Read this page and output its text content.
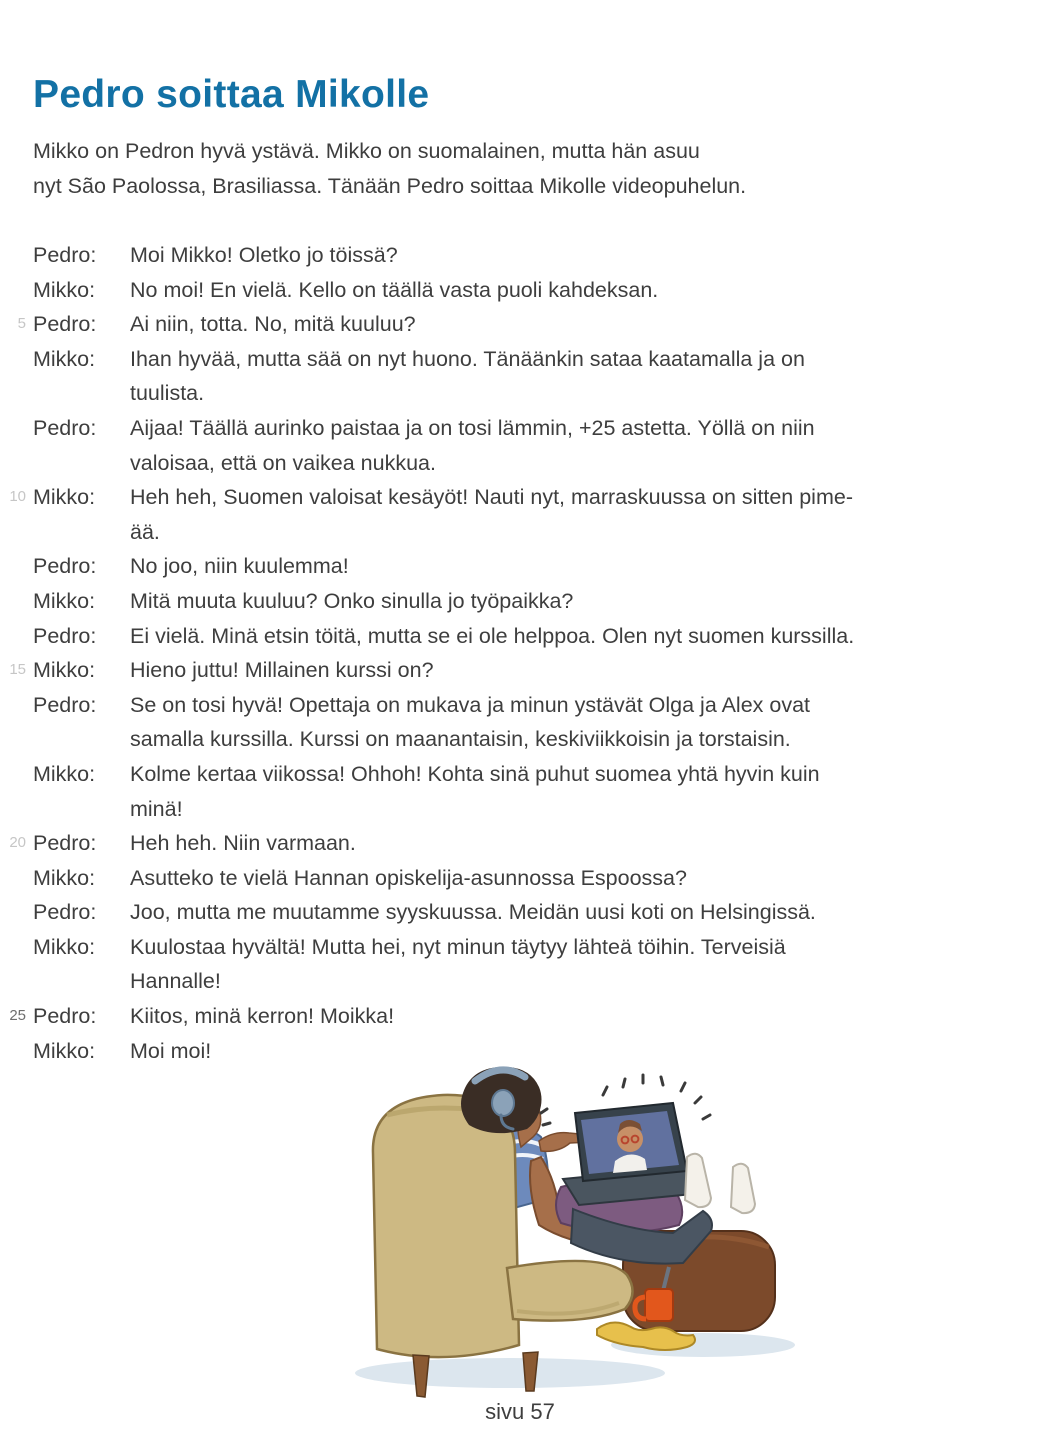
Pedro soittaa Mikolle
Mikko on Pedron hyvä ystävä. Mikko on suomalainen, mutta hän asuu
nyt São Paolossa, Brasiliassa. Tänään Pedro soittaa Mikolle videopuhelun.
Pedro:	Moi Mikko! Oletko jo töissä?
Mikko:	No moi! En vielä. Kello on täällä vasta puoli kahdeksan.
5 Pedro:	Ai niin, totta. No, mitä kuuluu?
Mikko:	Ihan hyvää, mutta sää on nyt huono. Tänäänkin sataa kaatamalla ja on
tuulista.
Pedro:	Aijaa! Täällä aurinko paistaa ja on tosi lämmin, +25 astetta. Yöllä on niin
valoisaa, että on vaikea nukkua.
10 Mikko:	Heh heh, Suomen valoisat kesäyöt! Nauti nyt, marraskuussa on sitten pime-
ää.
Pedro:	No joo, niin kuulemma!
Mikko:	Mitä muuta kuuluu? Onko sinulla jo työpaikka?
Pedro:	Ei vielä. Minä etsin töitä, mutta se ei ole helppoa. Olen nyt suomen kurssilla.
15 Mikko:	Hieno juttu! Millainen kurssi on?
Pedro:	Se on tosi hyvä! Opettaja on mukava ja minun ystävät Olga ja Alex ovat
samalla kurssilla. Kurssi on maanantaisin, keskiviikkoisin ja torstaisin.
Mikko:	Kolme kertaa viikossa! Ohhoh! Kohta sinä puhut suomea yhtä hyvin kuin
minä!
20 Pedro:	Heh heh. Niin varmaan.
Mikko:	Asutteko te vielä Hannan opiskelija-asunnossa Espoossa?
Pedro:	Joo, mutta me muutamme syyskuussa. Meidän uusi koti on Helsingissä.
Mikko:	Kuulostaa hyvältä! Mutta hei, nyt minun täytyy lähteä töihin. Terveisiä
Hannalle!
25 Pedro:	Kiitos, minä kerron! Moikka!
Mikko:	Moi moi!
sivu 57
